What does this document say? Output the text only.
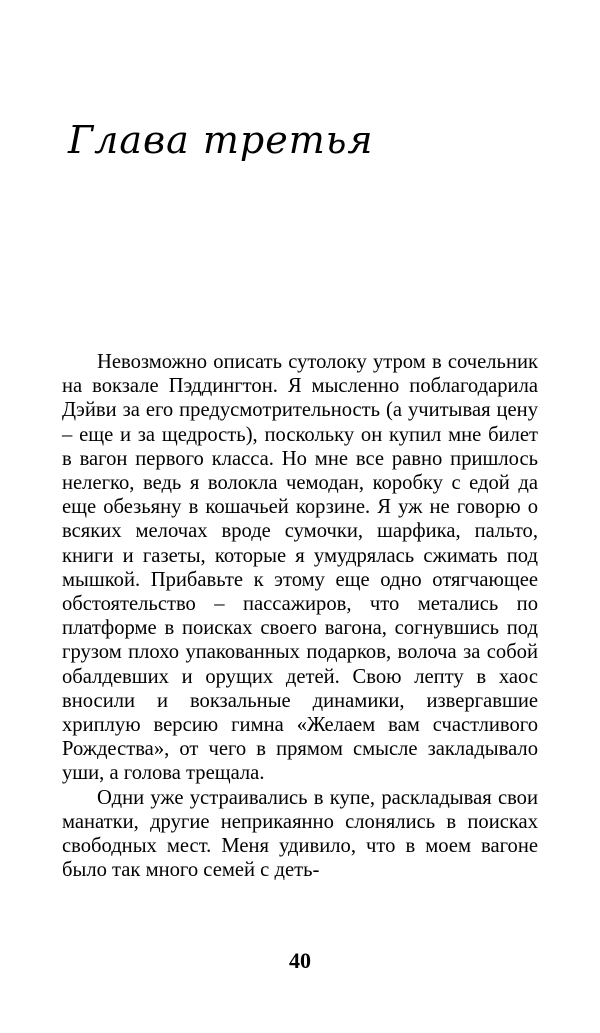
Глава третья

Невозможно описать сутолоку утром в сочельник на вокзале Пэддингтон. Я мысленно поблагодарила Дэйви за его предусмотрительность (а учитывая цену – еще и за щедрость), поскольку он купил мне билет в вагон первого класса. Но мне все равно пришлось нелегко, ведь я волокла чемодан, коробку с едой да еще обезьяну в кошачьей корзине. Я уж не говорю о всяких мелочах вроде сумочки, шарфика, пальто, книги и газеты, которые я умудрялась сжимать под мышкой. Прибавьте к этому еще одно отягчающее обстоятельство – пассажиров, что метались по платформе в поисках своего вагона, согнувшись под грузом плохо упакованных подарков, волоча за собой обалдевших и орущих детей. Свою лепту в хаос вносили и вокзальные динамики, извергавшие хриплую версию гимна «Желаем вам счастливого Рождества», от чего в прямом смысле закладывало уши, а голова трещала.

Одни уже устраивались в купе, раскладывая свои манатки, другие неприкаянно слонялись в поисках свободных мест. Меня удивило, что в моем вагоне было так много семей с деть-

40
